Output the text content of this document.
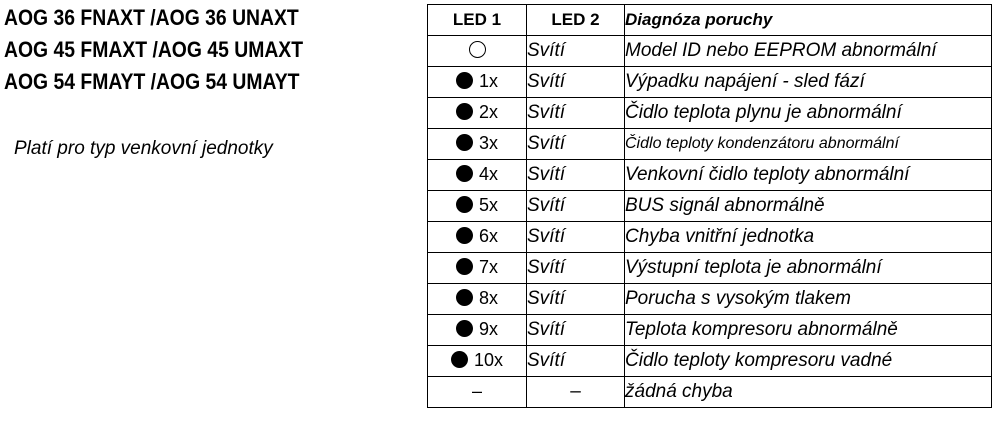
AOG 36 FNAXT /AOG 36 UNAXT
AOG 45 FMAXT /AOG 45 UMAXT
AOG 54 FMAYT /AOG 54 UMAYT
Platí pro typ venkovní jednotky
LED 1	LED 2	Diagnóza poruchy
	Svítí	Model ID nebo EEPROM abnormální
1x	Svítí	Výpadku napájení - sled fází
2x	Svítí	Čidlo teplota plynu je abnormální
3x	Svítí	Čidlo teploty kondenzátoru abnormální
4x	Svítí	Venkovní čidlo teploty abnormální
5x	Svítí	BUS signál abnormálně
6x	Svítí	Chyba vnitřní jednotka
7x	Svítí	Výstupní teplota je abnormální
8x	Svítí	Porucha s vysokým tlakem
9x	Svítí	Teplota kompresoru abnormálně
10x	Svítí	Čidlo teploty kompresoru vadné
–	–	žádná chyba
